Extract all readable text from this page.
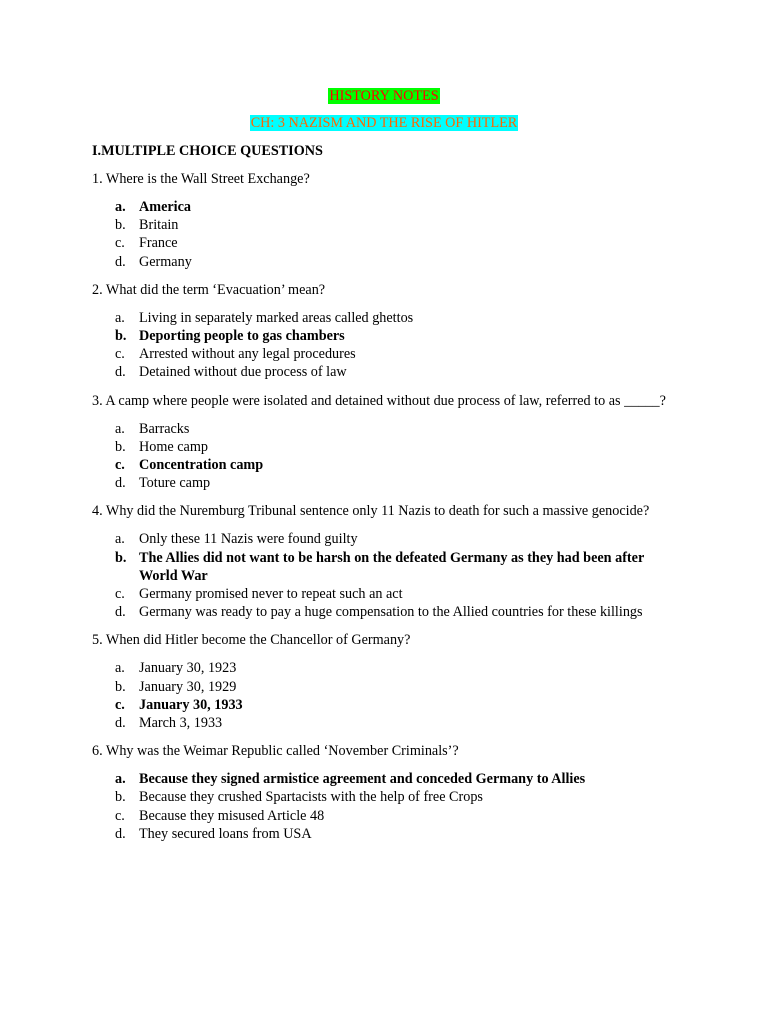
HISTORY NOTES
CH: 3 NAZISM AND THE RISE OF HITLER
I.MULTIPLE CHOICE QUESTIONS
1. Where is the Wall Street Exchange?
a. America
b. Britain
c. France
d. Germany
2. What did the term ‘Evacuation’ mean?
a. Living in separately marked areas called ghettos
b. Deporting people to gas chambers
c. Arrested without any legal procedures
d. Detained without due process of law
3. A camp where people were isolated and detained without due process of law, referred to as _____?
a. Barracks
b. Home camp
c. Concentration camp
d. Toture camp
4. Why did the Nuremburg Tribunal sentence only 11 Nazis to death for such a massive genocide?
a. Only these 11 Nazis were found guilty
b. The Allies did not want to be harsh on the defeated Germany as they had been after World War
c. Germany promised never to repeat such an act
d. Germany was ready to pay a huge compensation to the Allied countries for these killings
5. When did Hitler become the Chancellor of Germany?
a. January 30, 1923
b. January 30, 1929
c. January 30, 1933
d. March 3, 1933
6. Why was the Weimar Republic called ‘November Criminals’?
a. Because they signed armistice agreement and conceded Germany to Allies
b. Because they crushed Spartacists with the help of free Crops
c. Because they misused Article 48
d. They secured loans from USA
